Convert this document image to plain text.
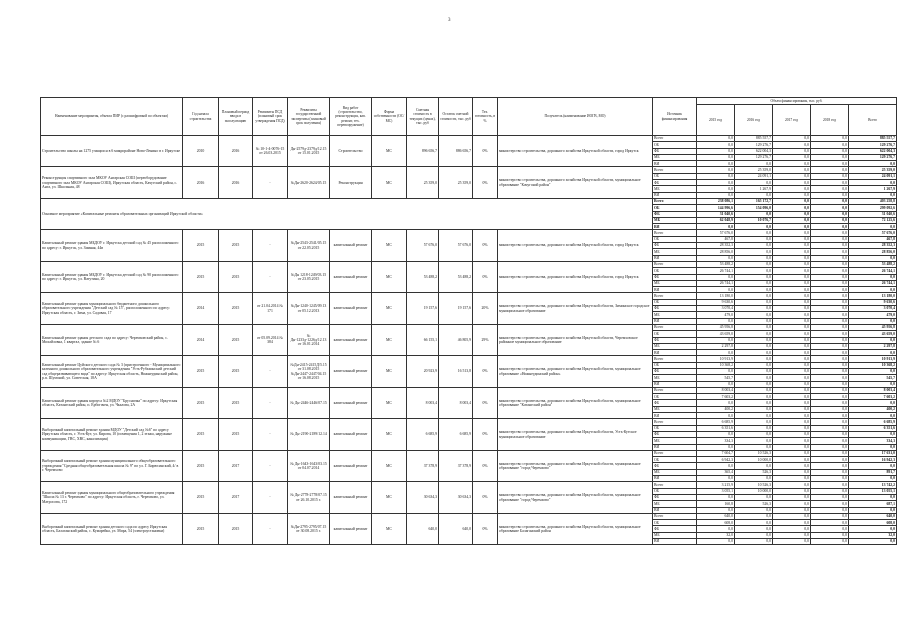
3
Наименование мероприятия, объекта ПИР (с расшифровкой по объектам)	Год начала строительства	Плановый период ввода в эксплуатацию	Реквизиты ПСД (плановый срок утверждения ПСД)	Реквизиты государственной экспертизы (плановый срок получения)	Вид работ (строительство, реконструкция, кап. ремонт, тех. перевооружение)	Форма собственности (ОС/МС)	Сметная стоимость в текущих (ценах), тыс. руб	Остаток сметной стоимости, тыс. руб	Тех. готовность, в %	Получатель (наименование ИОГВ, МО)	Источник финансирования	Объем финансирования, тыс. руб.				
												2015 год	2016 год	2017 год	2018 год	Всего
Строительство школы на 1275 учащихся в 6 микрорайоне Ново-Ленино в г. Иркутске	2010	2016	№ 10-1-4-0076-15 от 26.03.2015	Дн-2579д-2379д/12.15 от 15.01.2015	Строительство	МС	896 656,7	886 656,7	0%	министерство строительства, дорожного хозяйства Иркутской области, город Иркутск	Всего	0,0	885 557,7	0,0	0,0	885 557,7
											ОБ	0,0	129 276,7	0,0	0,0	129 276,7
											ФБ	0,0	622 004,3	0,0	0,0	622 004,3
											МБ	0,0	129 276,7	0,0	0,0	129 276,7
											ВИ	0,0	0,0	0,0	0,0	0,0
Реконструкция спортивного зала МКОУ Ангарская СОШ (переоборудование спортивного зала МКОУ Ангарская СОШ), Иркутская область, Качугский район, с. Анга, ул. Школьная, 48	2016	2016	-	№Дн-2620-2624/05.15	Реконструкция	МС	25 359,0	25 359,0	0%	министерство строительства, дорожного хозяйства Иркутской области, муниципальное образование "Качугский район"	Всего	0,0	25 359,0	0,0	0,0	25 359,0
											ОБ	0,0	24 091,1	0,0	0,0	24 091,1
											ФБ	0,0	0,0	0,0	0,0	0,0
											МБ	0,0	1 267,9	0,0	0,0	1 267,9
											ВИ	0,0	0,0	0,0	0,0	0,0
Основное мероприятие «Капитальные ремонты образовательных организаций Иркутской области»											Всего	238 086,1	165 172,7	0,0	0,0	403 258,8
											ОБ	144 996,6	154 096,0	0,0	0,0	299 092,6
											ФБ	31 040,6	0,0	0,0	0,0	31 040,6
											МБ	62 048,9	10 076,7	0,0	0,0	72 125,6
											ВИ	0,0	0,0	0,0	0,0	0,0
Капитальный ремонт здания МБДОУ г. Иркутска детский сад № 45 расположенного по адресу: г. Иркутск, ул. Зимняя, 44в	2015	2015	-	№Дн-2543-2541/05.15 от 22.05.2015	капитальный ремонт	МС	57 676,0	57 676,0	0%	министерство строительства, дорожного хозяйства Иркутской области, город Иркутск	Всего	57 676,0	0,0	0,0	0,0	57 676,0
											ОБ	467,8	0,0	0,0	0,0	467,8
											ФБ	28 352,3	0,0	0,0	0,0	28 352,3
											МБ	28 856,0	0,0	0,0	0,0	28 856,0
											ВИ	0,0	0,0	0,0	0,0	0,0
Капитальный ремонт здания МБДОУ г. Иркутска детский сад № 90 расположенного по адресу: г. Иркутск, ул. Ватутина, 20	2015	2015	-	№Дн 1218-1249/03.15 от 23.05.2015	капитальный ремонт	МС	53 488,2	53 488,2	0%	министерство строительства, дорожного хозяйства Иркутской области, город Иркутск	Всего	53 488,2	0,0	0,0	0,0	53 488,2
											ОБ	26 744,1	0,0	0,0	0,0	26 744,1
											ФБ	0,0	0,0	0,0	0,0	0,0
											МБ	26 744,1	0,0	0,0	0,0	26 744,1
											ВИ	0,0	0,0	0,0	0,0	0,0
Капитальный ремонт здания муниципального бюджетного дошкольного образовательного учреждения "Детский сад № 15", расположенного по адресу: Иркутская область, г. Зима, ул. Садовая, 17	2014	2015	от 21.04.2014 № 171	№Дн-1240-1245/09.13 от 05.12.2013	капитальный ремонт	МС	19 157,6	19 157,6	20%	министерство строительства, дорожного хозяйства Иркутской области, Зиминское городское муниципальное образование	Всего	13 180,0	0,0	0,0	0,0	13 180,0
											ОБ	9 630,6	0,0	0,0	0,0	9 630,6
											ФБ	3 070,4	0,0	0,0	0,0	3 070,4
											МБ	479,0	0,0	0,0	0,0	479,0
											ВИ	0,0	0,0	0,0	0,0	0,0
Капитальный ремонт здания детского сада по адресу: Черемховский район, с. Михайловка, 1 квартал, здание № 6	2014	2015	от 05.09.2014 № 384	№ Дн-1233д-1226д/12.13 от 16.01.2014	капитальный ремонт	МС	66 155,1	46 805,9	29%	министерство строительства, дорожного хозяйства Иркутской области, Черемховское районное муниципальное образование	Всего	45 956,8	0,0	0,0	0,0	45 956,8
											ОБ	43 659,0	0,0	0,0	0,0	43 659,0
											ФБ	0,0	0,0	0,0	0,0	0,0
											МБ	2 297,8	0,0	0,0	0,0	2 297,8
											ВИ	0,0	0,0	0,0	0,0	0,0
Капитальный ремонт Цуйского детского сада № 3 (пристроенного - Муниципального казенного дошкольного образовательного учреждения "Усть-Рубахинский детский сад общеразвивающего вида" по адресу: Иркутская область, Нижнеудинский район, р.п. Шумский, ул. Советская, 18А	2015	2015	-	№Дн-2415-2415Д/5.15 от 31.08.2015 №Дн-2447-2447/04.15 от 16.08.2015	капитальный ремонт	МС	20 923,9	16 513,8	0%	министерство строительства, дорожного хозяйства Иркутской области, муниципальное образование «Нижнеудинский район»	Всего	10 913,9	0,0	0,0	0,0	10 913,9
											ОБ	10 368,2	0,0	0,0	0,0	10 368,2
											ФБ	0,0	0,0	0,0	0,0	0,0
											МБ	545,7	0,0	0,0	0,0	545,7
											ВИ	0,0	0,0	0,0	0,0	0,0
Капитальный ремонт здания корпуса №2 МДОУ "Брусничка" по адресу: Иркутская область, Катангский район, п. Ербогачен, ул. Чкалова, 2А	2015	2015	-	№ Дн-2446-2446/07.15	капитальный ремонт	МС	8 003,4	8 003,4	0%	министерство строительства, дорожного хозяйства Иркутской области, муниципальное образование "Катангский район"	Всего	8 003,4	0,0	0,0	0,0	8 003,4
											ОБ	7 603,2	0,0	0,0	0,0	7 603,2
											ФБ	0,0	0,0	0,0	0,0	0,0
											МБ	400,2	0,0	0,0	0,0	400,2
											ВИ	0,0	0,0	0,0	0,0	0,0
Выборочный капитальный ремонт здания МДОУ "Детский сад №6" по адресу Иркутская область, г. Усть-Кут, ул. Кирова, 10 (помещения 1, 2 этажа, наружные коммуникации, ГВС, ХВС, канализация)	2015	2015	-	№ Дн-2190-2189/12.14	капитальный ремонт	МС	6 685,9	6 685,9	0%	министерство строительства, дорожного хозяйства Иркутской области, Усть-Кутское муниципальное образование	Всего	6 685,9	0,0	0,0	0,0	6 685,9
											ОБ	6 351,6	0,0	0,0	0,0	6 351,6
											ФБ	0,0	0,0	0,0	0,0	0,0
											МБ	334,3	0,0	0,0	0,0	334,3
											ВИ	0,0	0,0	0,0	0,0	0,0
Выборочный капитальный ремонт здания муниципального общеобразовательного учреждения "Средняя общеобразовательная школа № 9" по ул. Г. Бирюсинский, 4/ в г. Черемхово	2015	2017	-	№ Дн-1643-1643/03.15 от 04.07.2014	капитальный ремонт	МС	37 378,9	37 378,9	0%	министерство строительства, дорожного хозяйства Иркутской области, муниципальное образование "город Черемхово"	Всего	7 604,7	10 526,3	0,0	0,0	17 631,0
											ОБ	6 942,3	10 000,0	0,0	0,0	16 942,3
											ФБ	0,0	0,0	0,0	0,0	0,0
											МБ	365,4	526,3	0,0	0,0	891,7
											ВИ	0,0	0,0	0,0	0,0	0,0
Капитальный ремонт здания муниципального общеобразовательного учреждения "Школа № 13 г. Черемхово" по адресу: Иркутская область, г. Черемхово, ул. Матросова, 172	2015	2017	-	№ Дн-2778-2778/07.15 от 26.10.2015 г.	капитальный ремонт	МС	30 634,3	30 634,3	0%	министерство строительства, дорожного хозяйства Иркутской области, муниципальное образование "город Черемхово"	Всего	3 215,9	10 526,3	0,0	0,0	13 742,2
											ОБ	3 055,1	10 000,0	0,0	0,0	13 055,1
											ФБ	0,0	0,0	0,0	0,0	0,0
											МБ	160,8	526,3	0,0	0,0	687,1
											ВИ	0,0	0,0	0,0	0,0	0,0
Выборочный капитальный ремонт здания детского сада по адресу Иркутская область, Балаганский район, с. Кумарейка, ул. Мира, 54 (электроустановки)	2015	2015	-	№Дн-2795-2795/07.15 от 30.08.2015 г.	капитальный ремонт	МС	640,0	640,0	0%	министерство строительства, дорожного хозяйства Иркутской области, муниципальное образование Балаганский район	Всего	640,0	0,0	0,0	0,0	640,0
											ОБ	608,0	0,0	0,0	0,0	608,0
											ФБ	0,0	0,0	0,0	0,0	0,0
											МБ	32,0	0,0	0,0	0,0	32,0
											ВИ	0,0	0,0	0,0	0,0	0,0
